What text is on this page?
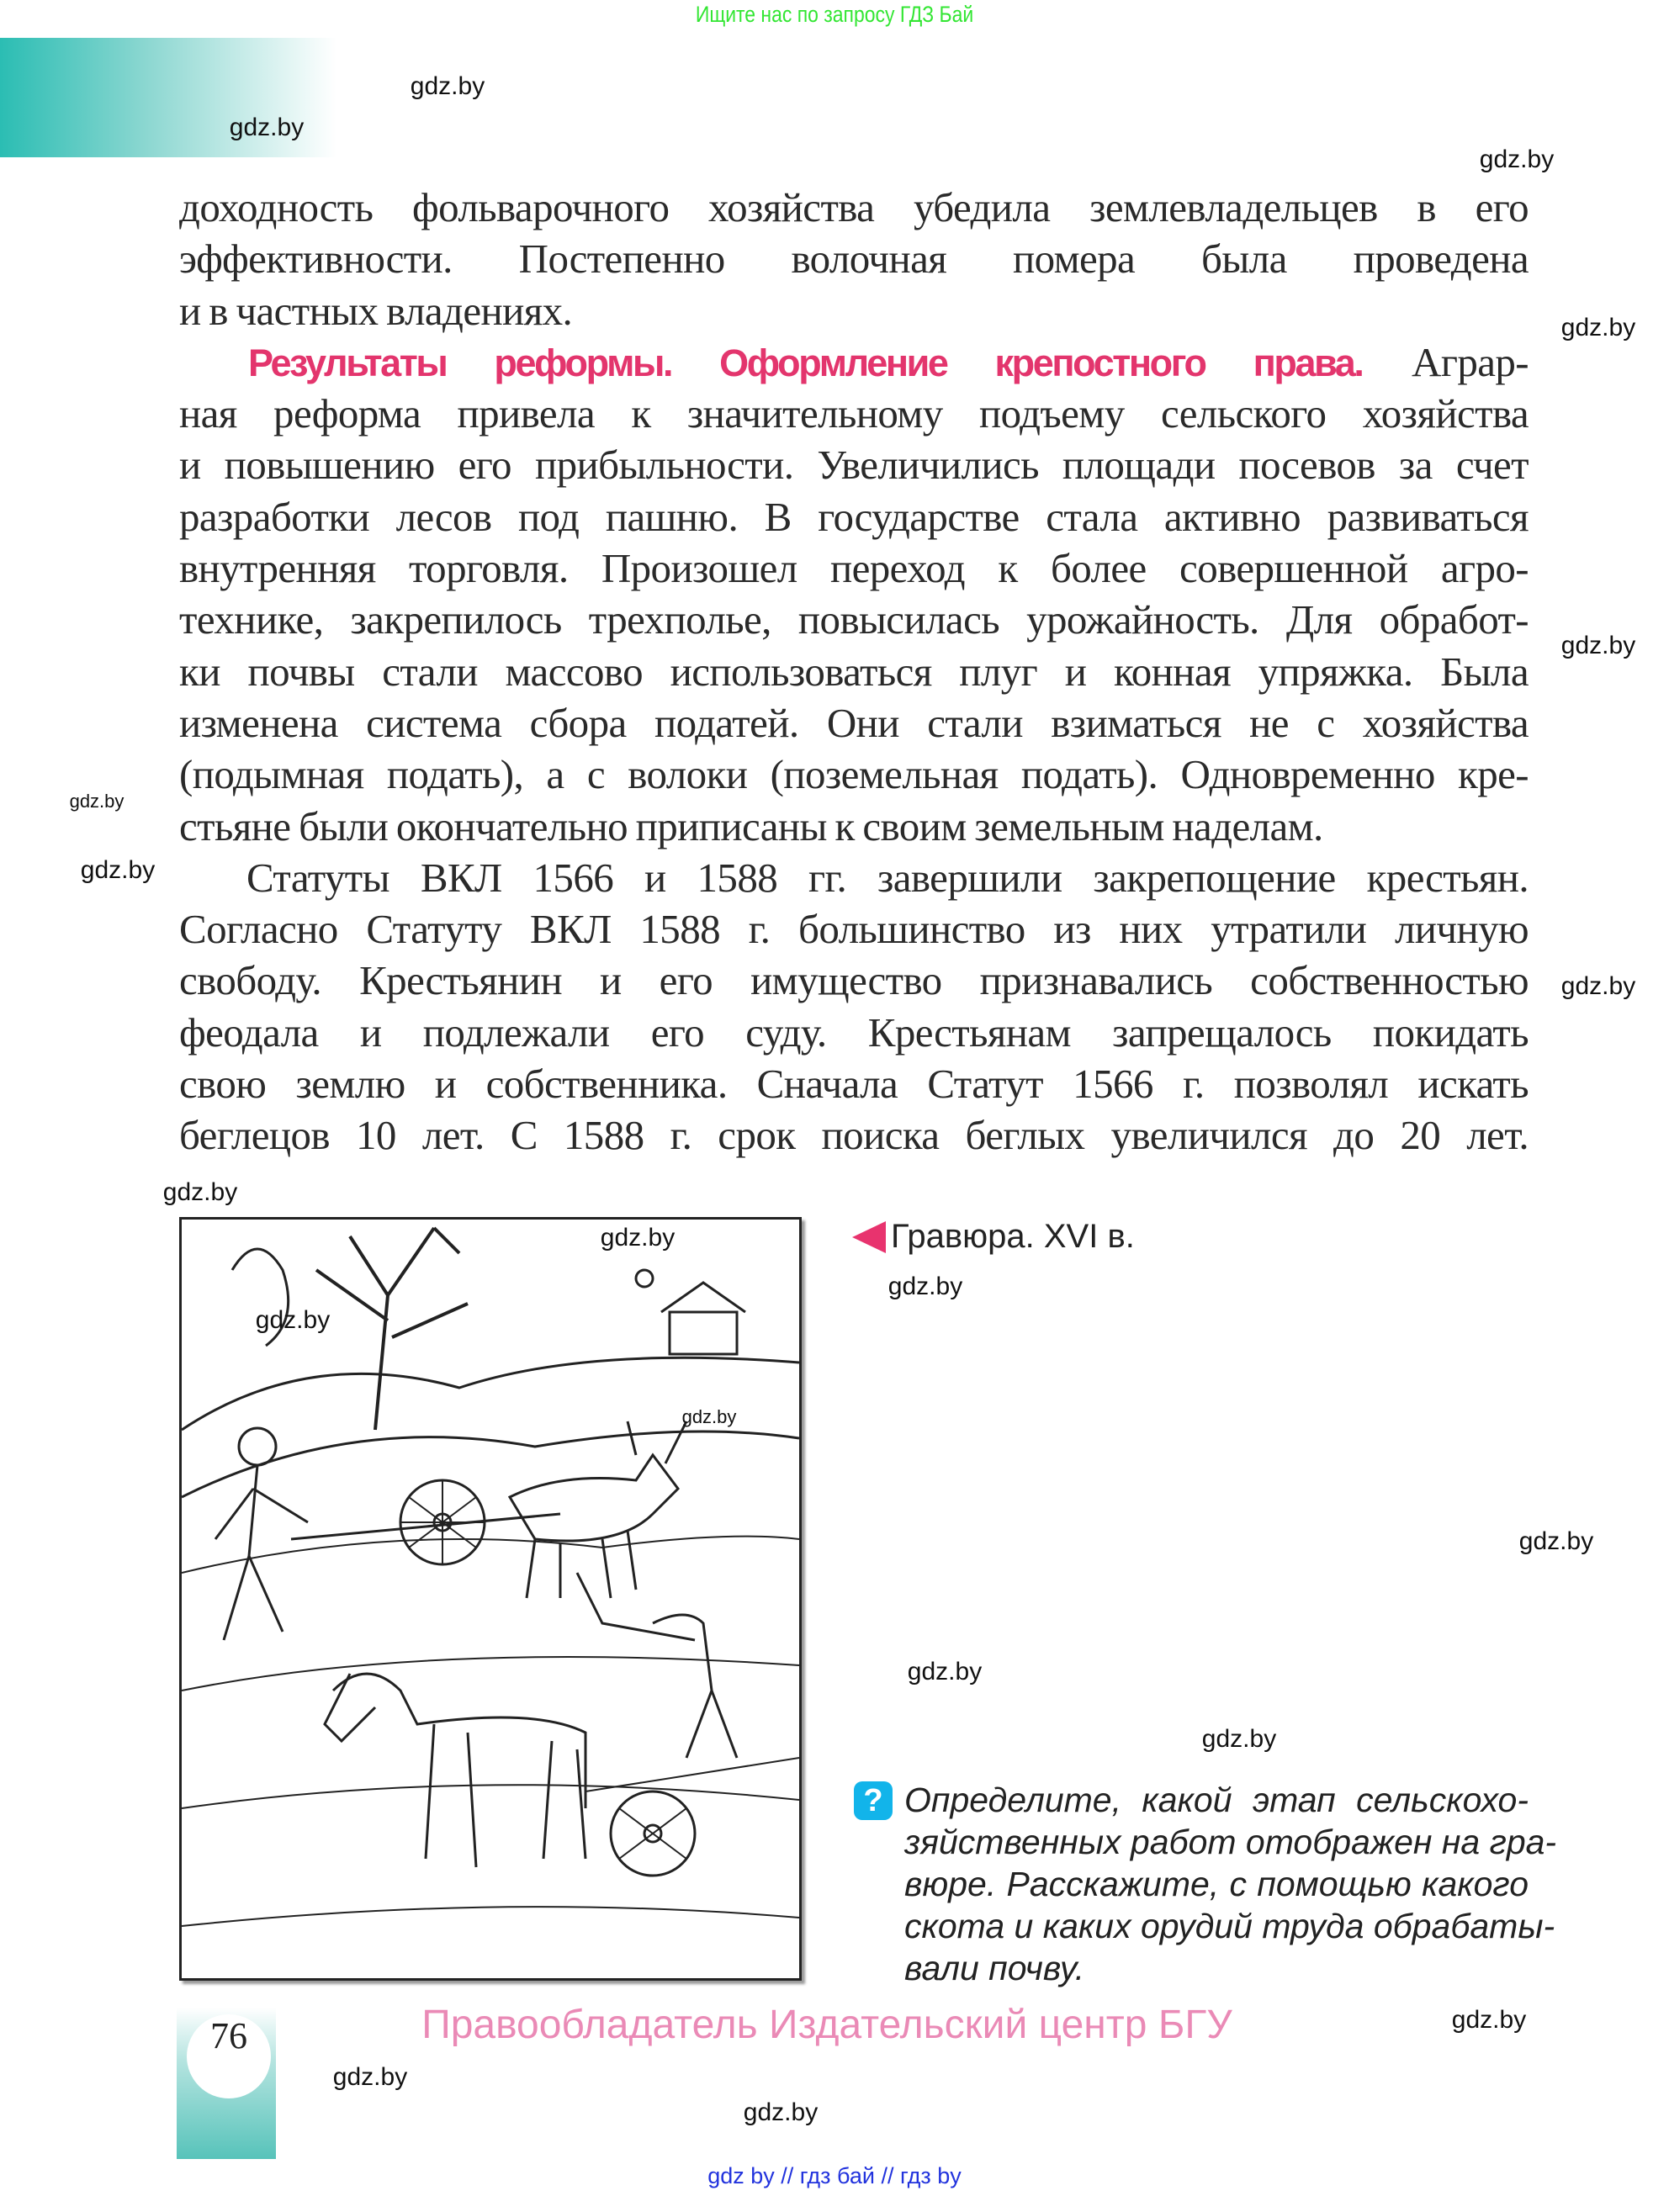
Ищите нас по запросу ГДЗ Бай
доходность фольварочного хозяйства убедила землевладельцев в его
эффективности. Постепенно волочная помера была проведена
и в частных владениях.
Результаты реформы. Оформление крепостного права. Аграр-
ная реформа привела к значительному подъему сельского хозяйства
и повышению его прибыльности. Увеличились площади посевов за счет
разработки лесов под пашню. В государстве стала активно развиваться
внутренняя торговля. Произошел переход к более совершенной агро-
технике, закрепилось трехполье, повысилась урожайность. Для обработ-
ки почвы стали массово использоваться плуг и конная упряжка. Была
изменена система сбора податей. Они стали взиматься не с хозяйства
(подымная подать), а с волоки (поземельная подать). Одновременно кре-
стьяне были окончательно приписаны к своим земельным наделам.
Статуты ВКЛ 1566 и 1588 гг. завершили закрепощение крестьян.
Согласно Статуту ВКЛ 1588 г. большинство из них утратили личную
свободу. Крестьянин и его имущество признавались собственностью
феодала и подлежали его суду. Крестьянам запрещалось покидать
свою землю и собственника. Сначала Статут 1566 г. позволял искать
беглецов 10 лет. С 1588 г. срок поиска беглых увеличился до 20 лет.
Гравюра. XVI в.
? Определите, какой этап сельскохо-
зяйственных работ отображен на гра-
вюре. Расскажите, с помощью какого
скота и каких орудий труда обрабаты-
вали почву.
76	Правообладатель Издательский центр БГУ
gdz by // гдз бай // гдз by
gdz.by
gdz.by
gdz.by
gdz.by
gdz.by
gdz.by
gdz.by
gdz.by
gdz.by
gdz.by
gdz.by
gdz.by
gdz.by
gdz.by
gdz.by
gdz.by
gdz.by
gdz.by
gdz.by
